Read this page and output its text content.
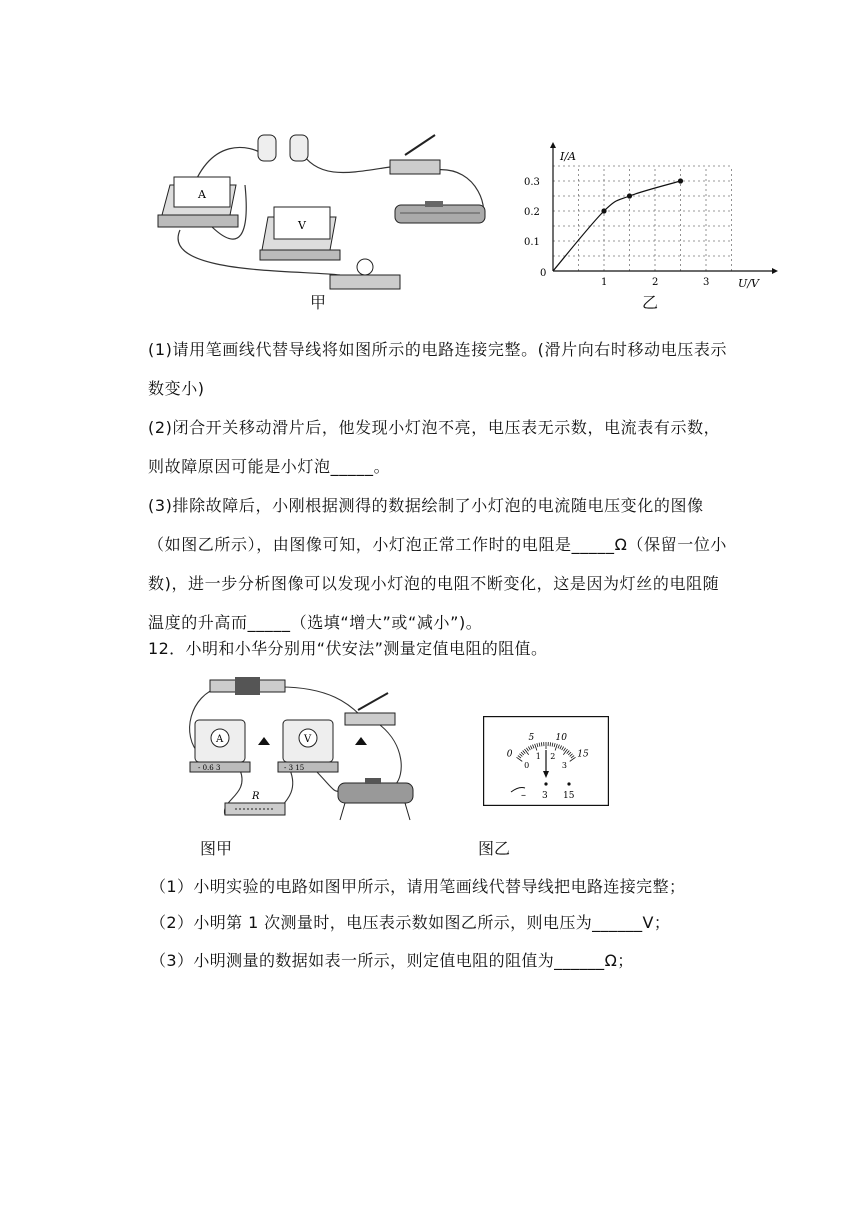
A
V
甲
I/A
U/V
0
1	2	3
0.1
0.2
0.3
乙
(1)请用笔画线代替导线将如图所示的电路连接完整。(滑片向右时移动电压表示数变小)
(2)闭合开关移动滑片后，他发现小灯泡不亮，电压表无示数，电流表有示数，则故障原因可能是小灯泡_____。
(3)排除故障后，小刚根据测得的数据绘制了小灯泡的电流随电压变化的图像（如图乙所示），由图像可知，小灯泡正常工作时的电阻是_____Ω（保留一位小数)，进一步分析图像可以发现小灯泡的电阻不断变化，这是因为灯丝的电阻随温度的升高而_____（选填“增大”或“减小”)。
12．小明和小华分别用“伏安法”测量定值电阻的阻值。
A
- 0.6 3
V
- 3 15
R
图甲
0
5 10
15
0
1 2
3
– 3 15
图乙
（1）小明实验的电路如图甲所示，请用笔画线代替导线把电路连接完整；
（2）小明第 1 次测量时，电压表示数如图乙所示，则电压为______V；
（3）小明测量的数据如表一所示，则定值电阻的阻值为______Ω；
